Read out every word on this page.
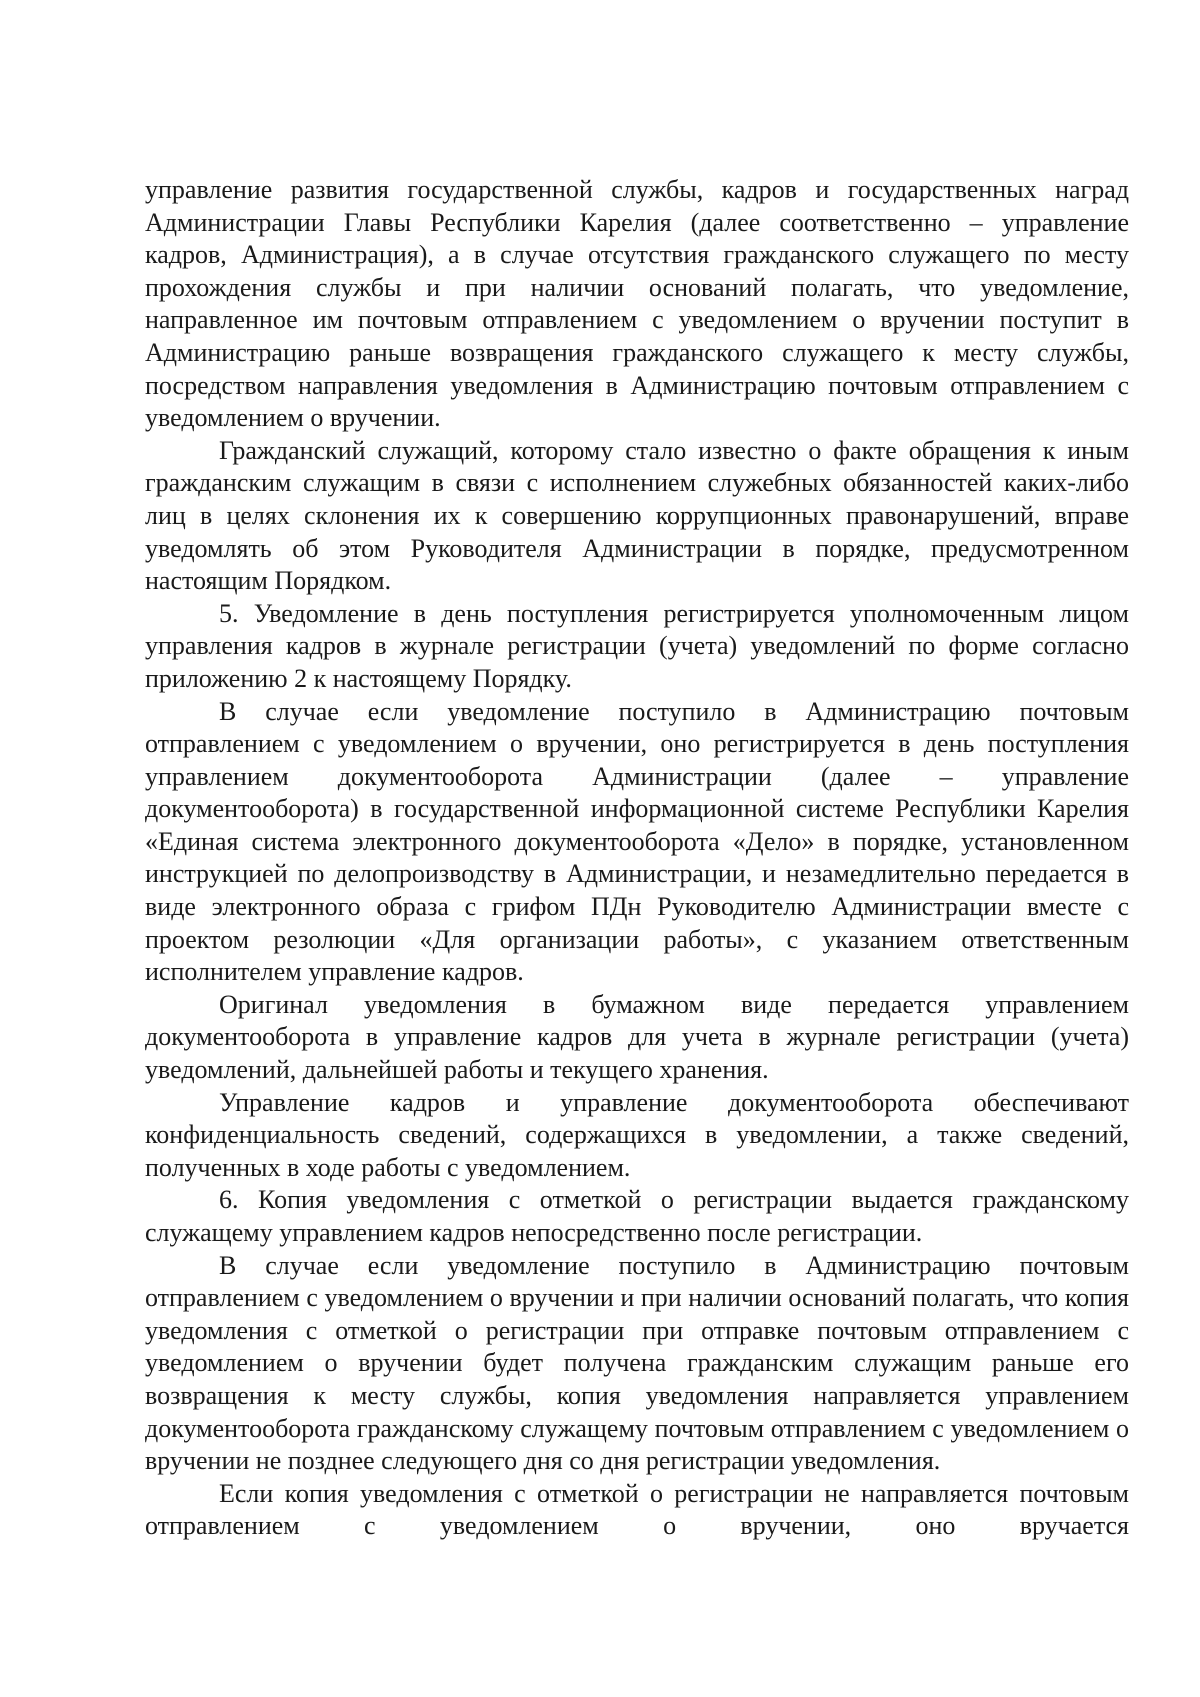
управление развития государственной службы, кадров и государственных наград Администрации Главы Республики Карелия (далее соответственно – управление кадров, Администрация), а в случае отсутствия гражданского служащего по месту прохождения службы и при наличии оснований полагать, что уведомление, направленное им почтовым отправлением с уведомлением о вручении поступит в Администрацию раньше возвращения гражданского служащего к месту службы, посредством направления уведомления в Администрацию почтовым отправлением с уведомлением о вручении.

Гражданский служащий, которому стало известно о факте обращения к иным гражданским служащим в связи с исполнением служебных обязанностей каких-либо лиц в целях склонения их к совершению коррупционных правонарушений, вправе уведомлять об этом Руководителя Администрации в порядке, предусмотренном настоящим Порядком.

5. Уведомление в день поступления регистрируется уполномоченным лицом управления кадров в журнале регистрации (учета) уведомлений по форме согласно приложению 2 к настоящему Порядку.

В случае если уведомление поступило в Администрацию почтовым отправлением с уведомлением о вручении, оно регистрируется в день поступления управлением документооборота Администрации (далее – управление документооборота) в государственной информационной системе Республики Карелия «Единая система электронного документооборота «Дело» в порядке, установленном инструкцией по делопроизводству в Администрации, и незамедлительно передается в виде электронного образа с грифом ПДн Руководителю Администрации вместе с проектом резолюции «Для организации работы», с указанием ответственным исполнителем управление кадров.

Оригинал уведомления в бумажном виде передается управлением документооборота в управление кадров для учета в журнале регистрации (учета) уведомлений, дальнейшей работы и текущего хранения.

Управление кадров и управление документооборота обеспечивают конфиденциальность сведений, содержащихся в уведомлении, а также сведений, полученных в ходе работы с уведомлением.

6. Копия уведомления с отметкой о регистрации выдается гражданскому служащему управлением кадров непосредственно после регистрации.

В случае если уведомление поступило в Администрацию почтовым отправлением с уведомлением о вручении и при наличии оснований полагать, что копия уведомления с отметкой о регистрации при отправке почтовым отправлением с уведомлением о вручении будет получена гражданским служащим раньше его возвращения к месту службы, копия уведомления направляется управлением документооборота гражданскому служащему почтовым отправлением с уведомлением о вручении не позднее следующего дня со дня регистрации уведомления.

Если копия уведомления с отметкой о регистрации не направляется почтовым отправлением с уведомлением о вручении, оно вручается
